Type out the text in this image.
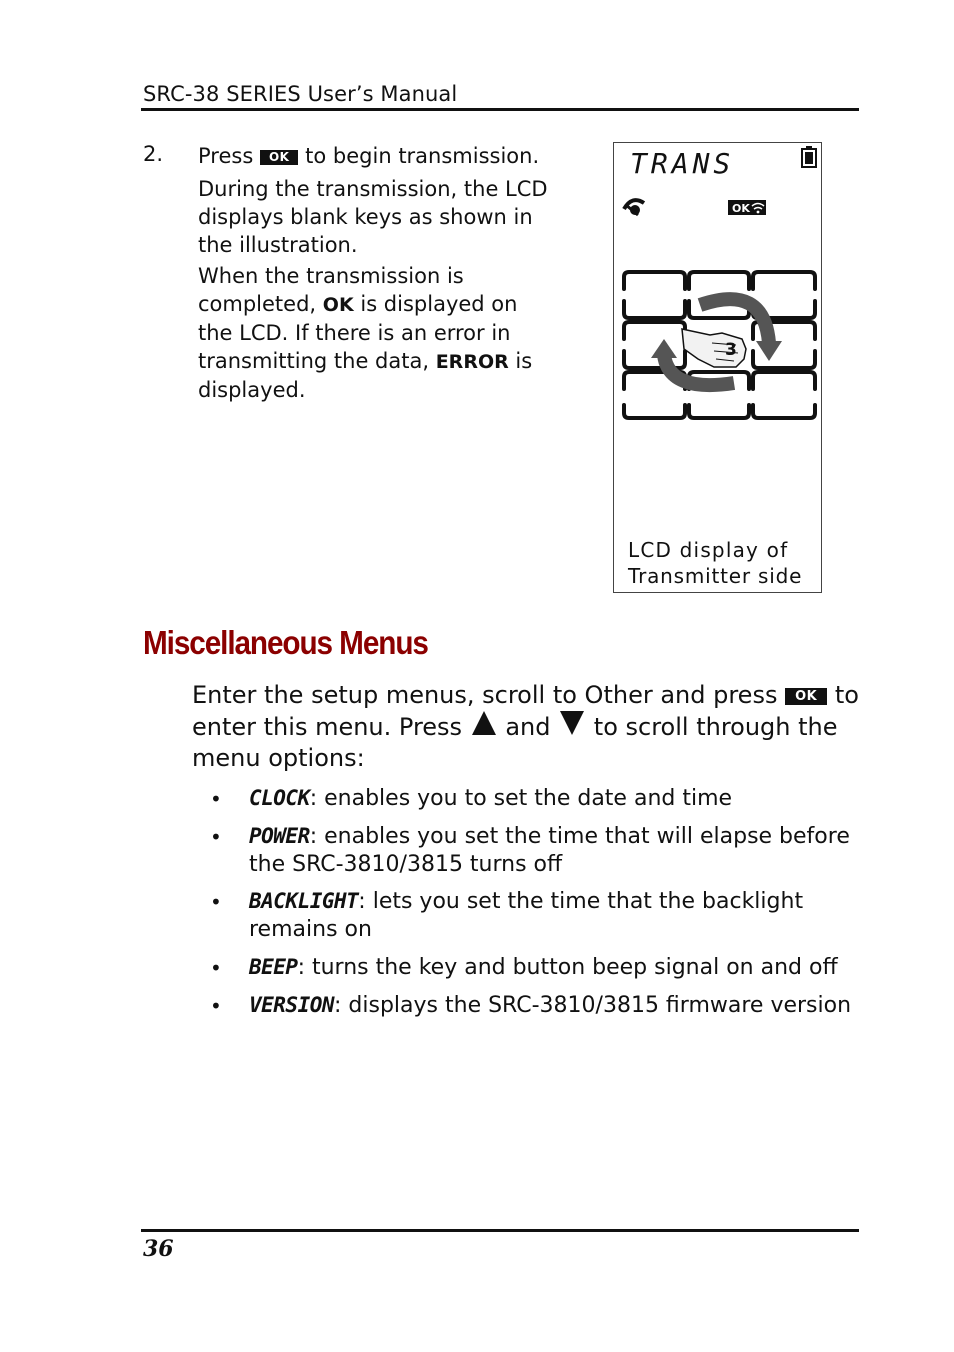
SRC-38 SERIES User’s Manual
2. Press OK to begin transmission.
During the transmission, the LCD displays blank keys as shown in the illustration.
When the transmission is completed, OK is displayed on the LCD. If there is an error in transmitting the data, ERROR is displayed.
TRANS
OK
3
LCD display of
Transmitter side
Miscellaneous Menus
Enter the setup menus, scroll to Other and press OK to enter this menu. Press and to scroll through the menu options:
• CLOCK: enables you to set the date and time
• POWER: enables you set the time that will elapse before the SRC-3810/3815 turns off
• BACKLIGHT: lets you set the time that the backlight remains on
• BEEP: turns the key and button beep signal on and off
• VERSION: displays the SRC-3810/3815 firmware version
36
